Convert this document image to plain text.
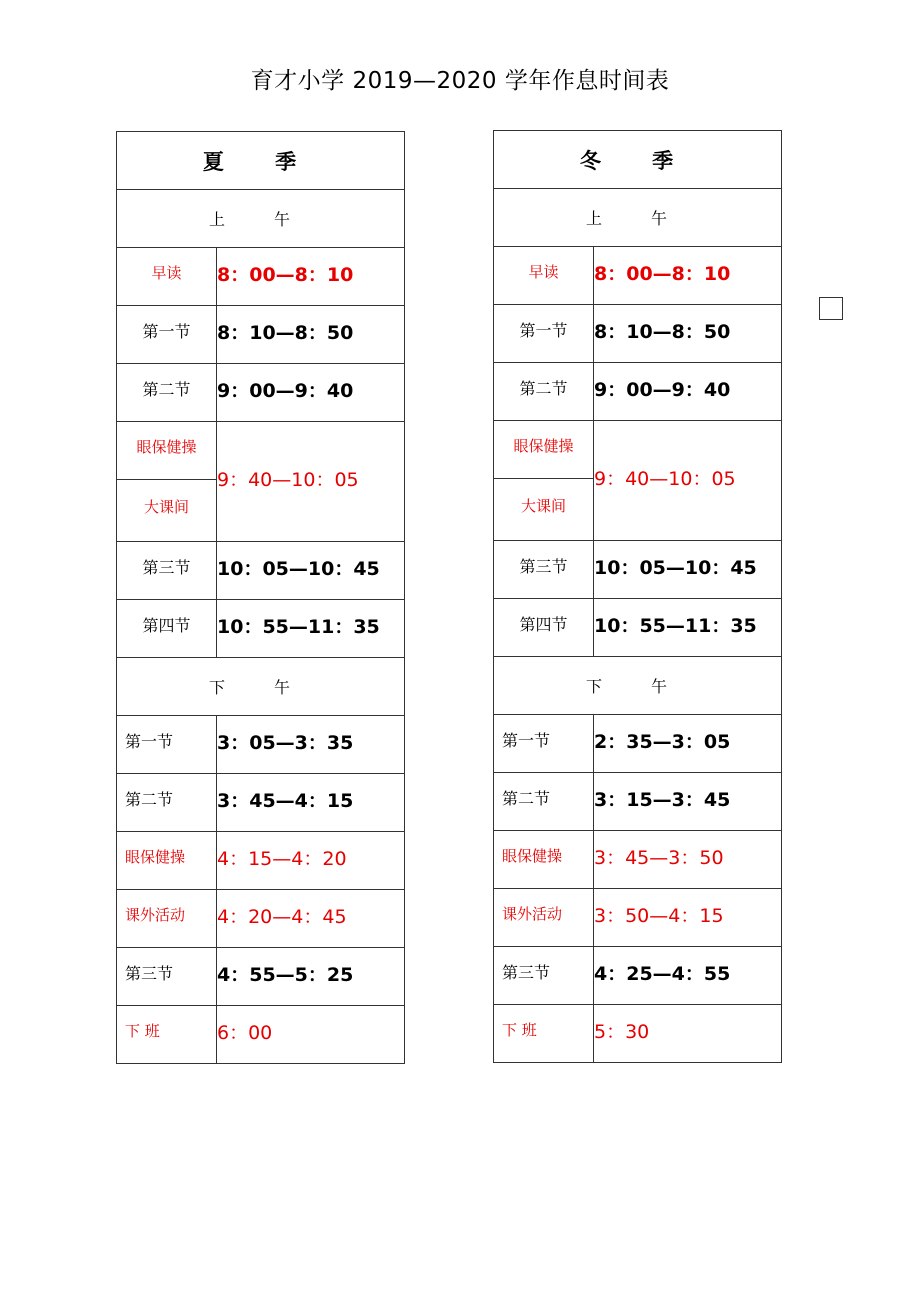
育才小学 2019—2020 学年作息时间表
夏 季	
上 午	
早读	8：00—8：10
第一节	8：10—8：50
第二节	9：00—9：40
眼保健操	9：40—10：05
大课间	
第三节	10：05—10：45
第四节	10：55—11：35
下 午	
第一节	3：05—3：35
第二节	3：45—4：15
眼保健操	4：15—4：20
课外活动	4：20—4：45
第三节	4：55—5：25
下 班	6：00
冬 季	
上 午	
早读	8：00—8：10
第一节	8：10—8：50
第二节	9：00—9：40
眼保健操	9：40—10：05
大课间	
第三节	10：05—10：45
第四节	10：55—11：35
下 午	
第一节	2：35—3：05
第二节	3：15—3：45
眼保健操	3：45—3：50
课外活动	3：50—4：15
第三节	4：25—4：55
下 班	5：30
